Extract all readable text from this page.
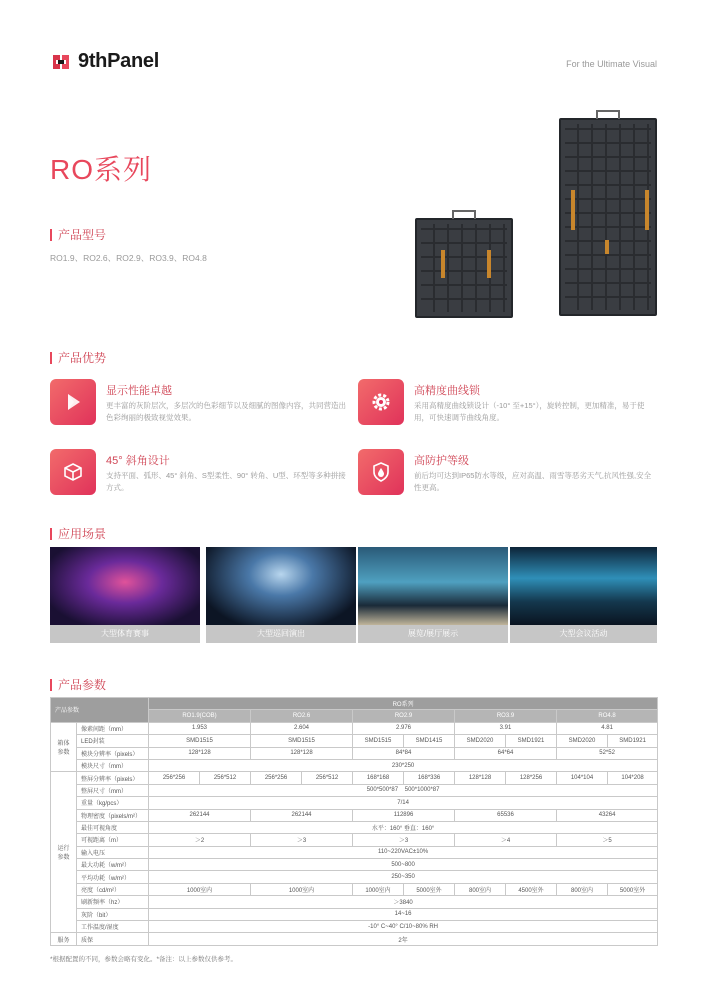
9thPanel	For the Ultimate Visual
RO系列
产品型号
RO1.9、RO2.6、RO2.9、RO3.9、RO4.8
产品优势
显示性能卓越
更丰富的灰阶层次，多层次的色彩细节以及细腻的图像内容，共同营造出色彩绚丽的极致视觉效果。
高精度曲线锁
采用高精度曲线锁设计（-10° 至+15°），旋转控制，更加精准，易于使用，可快速调节曲线角度。
45° 斜角设计
支持平面、弧形、45° 斜角、S型柔性、90° 转角、U型、环型等多种拼接方式。
高防护等级
前后均可达到IP65防水等级，应对高温、雨雪等恶劣天气,抗风性强,安全性更高。
应用场景
大型体育赛事	大型巡回演出	展览/展厅展示	大型会议活动
产品参数
产品参数		RO系列									
		RO1.9(COB)		RO2.6		RO2.9		RO3.9		RO4.8	
箱体
参数	像素间距（mm）	1.953		2.604		2.976		3.91		4.81	
	LED封装	SMD1515		SMD1515		SMD1515	SMD1415	SMD2020	SMD1921	SMD2020	SMD1921
	模块分辨率（pixels）	128*128		128*128		84*84		64*64		52*52	
	模块尺寸（mm）	230*250									
运行
参数	整屏分辨率（pixels）	256*256	256*512	256*256	256*512	168*168	168*336	128*128	128*256	104*104	104*208
	整屏尺寸（mm）	500*500*87 500*1000*87									
	重量（kg/pcs）	7/14									
	物理密度（pixels/m²）	262144		262144		112896		65536		43264	
	最佳可视角度	水平：160° 垂直：160°									
	可视距离（m）	＞2		＞3		＞3		＞4		＞5	
	输入电压	110~220VAC±10%									
	最大功耗（w/m²）	500~800									
	平均功耗（w/m²）	250~350									
	亮度（cd/m²）	1000室内		1000室内		1000室内	5000室外	800室内	4500室外	800室内	5000室外
	刷新频率（hz）	＞3840									
	灰阶（bit）	14~16									
	工作温度/湿度	-10° C~40° C/10~80% RH									
服务	质保	2年									
*根据配置的不同，参数会略有变化。*备注：以上参数仅供参考。
